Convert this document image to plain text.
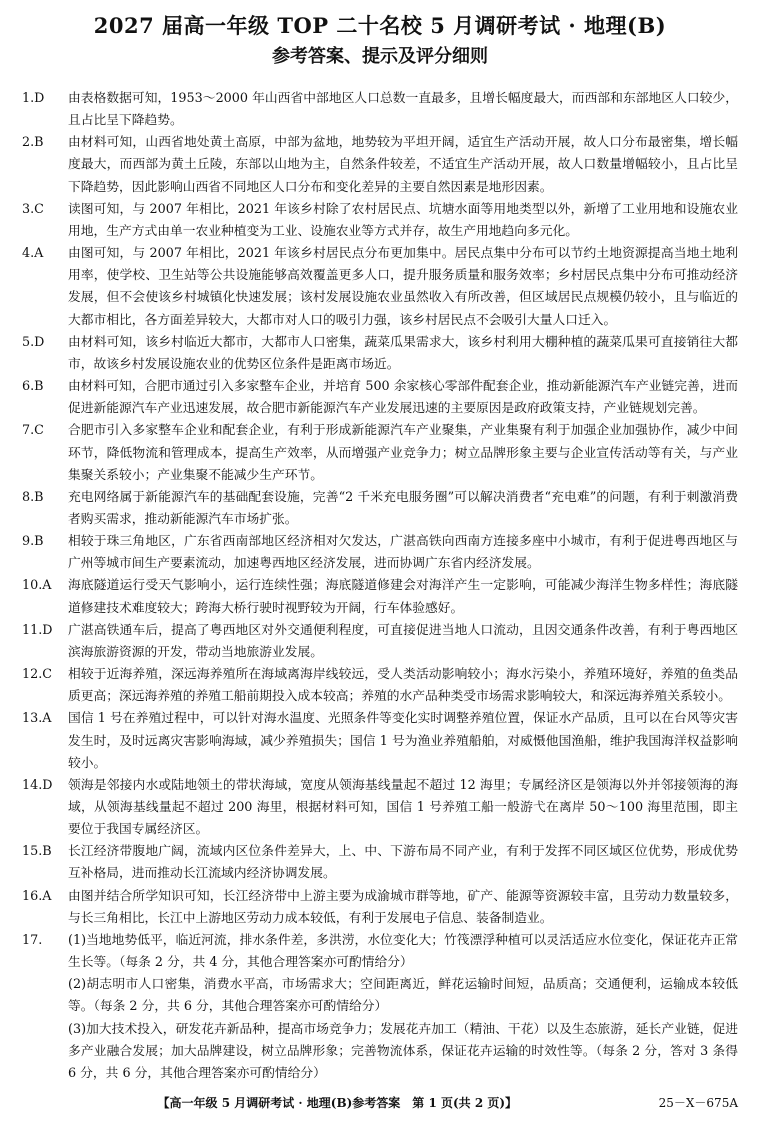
2027 届高一年级 TOP 二十名校 5 月调研考试 · 地理(B)
参考答案、提示及评分细则
1.D	由表格数据可知，1953～2000 年山西省中部地区人口总数一直最多，且增长幅度最大，而西部和东部地区人口较少，且占比呈下降趋势。
2.B	由材料可知，山西省地处黄土高原，中部为盆地，地势较为平坦开阔，适宜生产活动开展，故人口分布最密集，增长幅度最大，而西部为黄土丘陵，东部以山地为主，自然条件较差，不适宜生产活动开展，故人口数量增幅较小，且占比呈下降趋势，因此影响山西省不同地区人口分布和变化差异的主要自然因素是地形因素。
3.C	读图可知，与 2007 年相比，2021 年该乡村除了农村居民点、坑塘水面等用地类型以外，新增了工业用地和设施农业用地，生产方式由单一农业种植变为工业、设施农业等方式并存，故生产用地趋向多元化。
4.A	由图可知，与 2007 年相比，2021 年该乡村居民点分布更加集中。居民点集中分布可以节约土地资源提高当地土地利用率，使学校、卫生站等公共设施能够高效覆盖更多人口，提升服务质量和服务效率；乡村居民点集中分布可推动经济发展，但不会使该乡村城镇化快速发展；该村发展设施农业虽然收入有所改善，但区域居民点规模仍较小，且与临近的大都市相比，各方面差异较大，大都市对人口的吸引力强，该乡村居民点不会吸引大量人口迁入。
5.D	由材料可知，该乡村临近大都市，大都市人口密集，蔬菜瓜果需求大，该乡村利用大棚种植的蔬菜瓜果可直接销往大都市，故该乡村发展设施农业的优势区位条件是距离市场近。
6.B	由材料可知，合肥市通过引入多家整车企业，并培育 500 余家核心零部件配套企业，推动新能源汽车产业链完善，进而促进新能源汽车产业迅速发展，故合肥市新能源汽车产业发展迅速的主要原因是政府政策支持，产业链规划完善。
7.C	合肥市引入多家整车企业和配套企业，有利于形成新能源汽车产业聚集，产业集聚有利于加强企业加强协作，减少中间环节，降低物流和管理成本，提高生产效率，从而增强产业竞争力；树立品牌形象主要与企业宣传活动等有关，与产业集聚关系较小；产业集聚不能减少生产环节。
8.B	充电网络属于新能源汽车的基础配套设施，完善“2 千米充电服务圈”可以解决消费者“充电难”的问题，有利于刺激消费者购买需求，推动新能源汽车市场扩张。
9.B	相较于珠三角地区，广东省西南部地区经济相对欠发达，广湛高铁向西南方连接多座中小城市，有利于促进粤西地区与广州等城市间生产要素流动，加速粤西地区经济发展，进而协调广东省内经济发展。
10.A	海底隧道运行受天气影响小，运行连续性强；海底隧道修建会对海洋产生一定影响，可能减少海洋生物多样性；海底隧道修建技术难度较大；跨海大桥行驶时视野较为开阔，行车体验感好。
11.D	广湛高铁通车后，提高了粤西地区对外交通便利程度，可直接促进当地人口流动，且因交通条件改善，有利于粤西地区滨海旅游资源的开发，带动当地旅游业发展。
12.C	相较于近海养殖，深远海养殖所在海域离海岸线较远，受人类活动影响较小；海水污染小，养殖环境好，养殖的鱼类品质更高；深远海养殖的养殖工船前期投入成本较高；养殖的水产品种类受市场需求影响较大，和深远海养殖关系较小。
13.A	国信 1 号在养殖过程中，可以针对海水温度、光照条件等变化实时调整养殖位置，保证水产品质，且可以在台风等灾害发生时，及时远离灾害影响海域，减少养殖损失；国信 1 号为渔业养殖船舶，对威慑他国渔船，维护我国海洋权益影响较小。
14.D	领海是邻接内水或陆地领土的带状海域，宽度从领海基线量起不超过 12 海里；专属经济区是领海以外并邻接领海的海域，从领海基线量起不超过 200 海里，根据材料可知，国信 1 号养殖工船一般游弋在离岸 50～100 海里范围，即主要位于我国专属经济区。
15.B	长江经济带腹地广阔，流域内区位条件差异大，上、中、下游布局不同产业，有利于发挥不同区域区位优势，形成优势互补格局，进而推动长江流域内经济协调发展。
16.A	由图并结合所学知识可知，长江经济带中上游主要为成渝城市群等地，矿产、能源等资源较丰富，且劳动力数量较多，与长三角相比，长江中上游地区劳动力成本较低，有利于发展电子信息、装备制造业。
17.	(1)当地地势低平，临近河流，排水条件差，多洪涝，水位变化大；竹筏漂浮种植可以灵活适应水位变化，保证花卉正常生长等。（每条 2 分，共 4 分，其他合理答案亦可酌情给分）
(2)胡志明市人口密集，消费水平高，市场需求大；空间距离近，鲜花运输时间短，品质高；交通便利，运输成本较低等。（每条 2 分，共 6 分，其他合理答案亦可酌情给分）
(3)加大技术投入，研发花卉新品种，提高市场竞争力；发展花卉加工（精油、干花）以及生态旅游，延长产业链，促进多产业融合发展；加大品牌建设，树立品牌形象；完善物流体系，保证花卉运输的时效性等。（每条 2 分，答对 3 条得 6 分，共 6 分，其他合理答案亦可酌情给分）
【高一年级 5 月调研考试 · 地理(B)参考答案　第 1 页(共 2 页)】	25－X－675A
